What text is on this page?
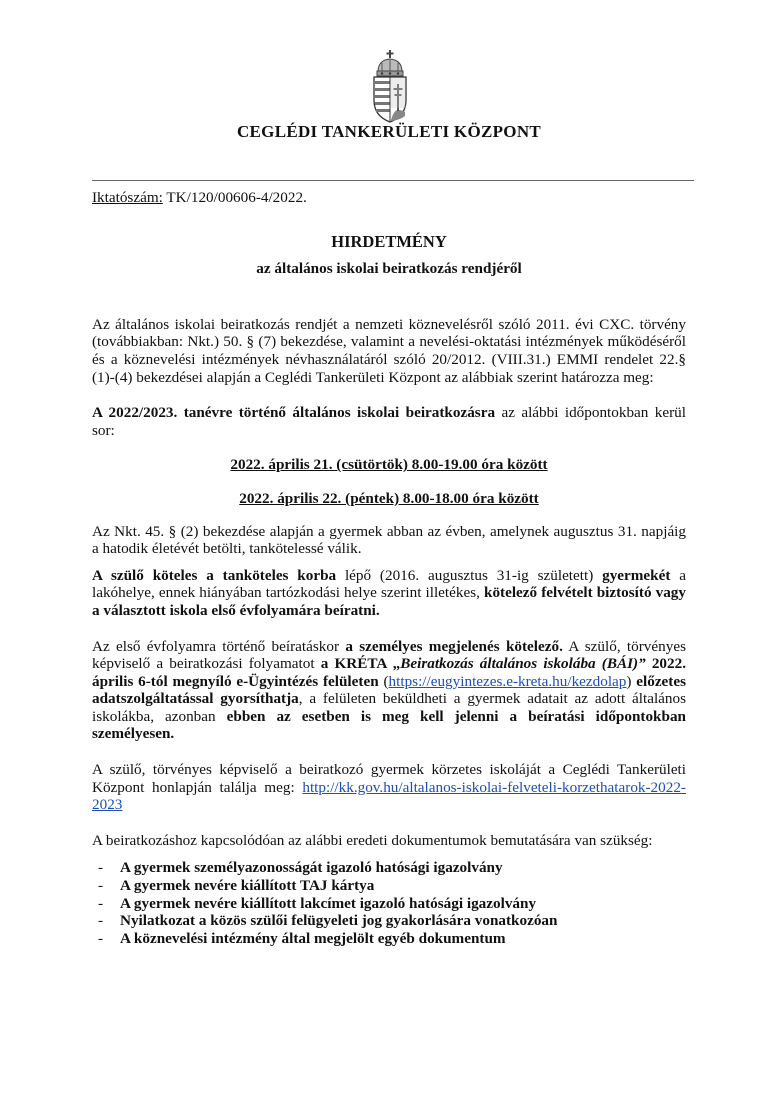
CEGLÉDI TANKERÜLETI KÖZPONT

Iktatószám: TK/120/00606-4/2022.

HIRDETMÉNY

az általános iskolai beiratkozás rendjéről

Az általános iskolai beiratkozás rendjét a nemzeti köznevelésről szóló 2011. évi CXC. törvény (továbbiakban: Nkt.) 50. § (7) bekezdése, valamint a nevelési-oktatási intézmények működéséről és a köznevelési intézmények névhasználatáról szóló 20/2012. (VIII.31.) EMMI rendelet 22.§ (1)-(4) bekezdései alapján a Ceglédi Tankerületi Központ az alábbiak szerint határozza meg:

A 2022/2023. tanévre történő általános iskolai beiratkozásra az alábbi időpontokban kerül sor:

2022. április 21. (csütörtök) 8.00-19.00 óra között

2022. április 22. (péntek) 8.00-18.00 óra között

Az Nkt. 45. § (2) bekezdése alapján a gyermek abban az évben, amelynek augusztus 31. napjáig a hatodik életévét betölti, tankötelessé válik.

A szülő köteles a tanköteles korba lépő (2016. augusztus 31-ig született) gyermekét a lakóhelye, ennek hiányában tartózkodási helye szerint illetékes, kötelező felvételt biztosító vagy a választott iskola első évfolyamára beíratni.

Az első évfolyamra történő beíratáskor a személyes megjelenés kötelező. A szülő, törvényes képviselő a beiratkozási folyamatot a KRÉTA „Beiratkozás általános iskolába (BÁI)” 2022. április 6-tól megnyíló e-Ügyintézés felületen (https://eugyintezes.e-kreta.hu/kezdolap) előzetes adatszolgáltatással gyorsíthatja, a felületen beküldheti a gyermek adatait az adott általános iskolákba, azonban ebben az esetben is meg kell jelenni a beíratási időpontokban személyesen.

A szülő, törvényes képviselő a beiratkozó gyermek körzetes iskoláját a Ceglédi Tankerületi Központ honlapján találja meg: http://kk.gov.hu/altalanos-iskolai-felveteli-korzethatarok-2022-2023

A beiratkozáshoz kapcsolódóan az alábbi eredeti dokumentumok bemutatására van szükség:

- A gyermek személyazonosságát igazoló hatósági igazolvány
- A gyermek nevére kiállított TAJ kártya
- A gyermek nevére kiállított lakcímet igazoló hatósági igazolvány
- Nyilatkozat a közös szülői felügyeleti jog gyakorlására vonatkozóan
- A köznevelési intézmény által megjelölt egyéb dokumentum
